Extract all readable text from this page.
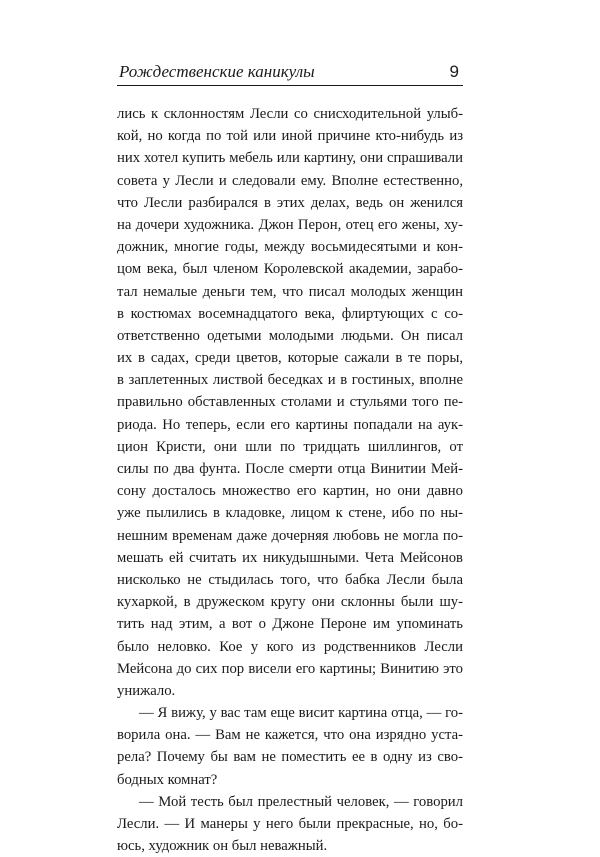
Рождественские каникулы	9
лись к склонностям Лесли со снисходительной улыб-
кой, но когда по той или иной причине кто-нибудь из
них хотел купить мебель или картину, они спрашивали
совета у Лесли и следовали ему. Вполне естественно,
что Лесли разбирался в этих делах, ведь он женился
на дочери художника. Джон Перон, отец его жены, ху-
дожник, многие годы, между восьмидесятыми и кон-
цом века, был членом Королевской академии, зарабо-
тал немалые деньги тем, что писал молодых женщин
в костюмах восемнадцатого века, флиртующих с со-
ответственно одетыми молодыми людьми. Он писал
их в садах, среди цветов, которые сажали в те поры,
в заплетенных листвой беседках и в гостиных, вполне
правильно обставленных столами и стульями того пе-
риода. Но теперь, если его картины попадали на аук-
цион Кристи, они шли по тридцать шиллингов, от
силы по два фунта. После смерти отца Винитии Мей-
сону досталось множество его картин, но они давно
уже пылились в кладовке, лицом к стене, ибо по ны-
нешним временам даже дочерняя любовь не могла по-
мешать ей считать их никудышными. Чета Мейсонов
нисколько не стыдилась того, что бабка Лесли была
кухаркой, в дружеском кругу они склонны были шу-
тить над этим, а вот о Джоне Пероне им упоминать
было неловко. Кое у кого из родственников Лесли
Мейсона до сих пор висели его картины; Винитию это
унижало.
— Я вижу, у вас там еще висит картина отца, — го-
ворила она. — Вам не кажется, что она изрядно уста-
рела? Почему бы вам не поместить ее в одну из сво-
бодных комнат?
— Мой тесть был прелестный человек, — говорил
Лесли. — И манеры у него были прекрасные, но, бо-
юсь, художник он был неважный.
